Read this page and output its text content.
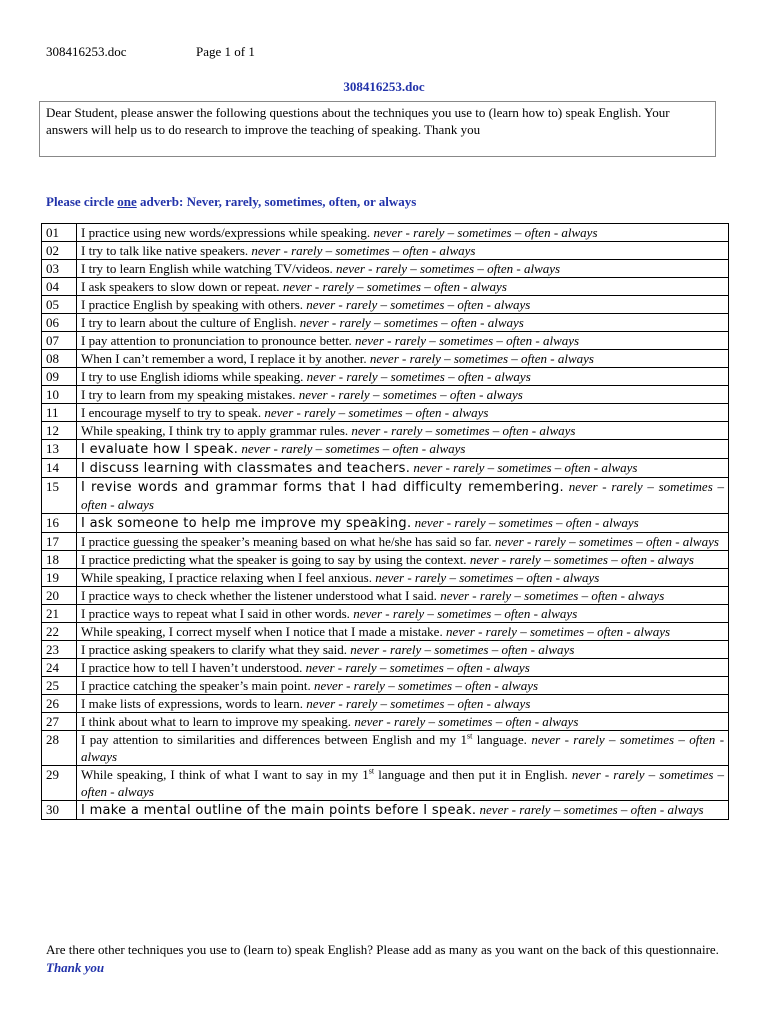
308416253.doc	Page 1 of 1
308416253.doc
Dear Student, please answer the following questions about the techniques you use to (learn how to) speak English. Your answers will help us to do research to improve the teaching of speaking. Thank you
Please circle one adverb: Never, rarely, sometimes, often, or always
01	I practice using new words/expressions while speaking. never - rarely – sometimes – often - always
02	I try to talk like native speakers. never - rarely – sometimes – often - always
03	I try to learn English while watching TV/videos. never - rarely – sometimes – often - always
04	I ask speakers to slow down or repeat. never - rarely – sometimes – often - always
05	I practice English by speaking with others. never - rarely – sometimes – often - always
06	I try to learn about the culture of English. never - rarely – sometimes – often - always
07	I pay attention to pronunciation to pronounce better. never - rarely – sometimes – often - always
08	When I can’t remember a word, I replace it by another. never - rarely – sometimes – often - always
09	I try to use English idioms while speaking. never - rarely – sometimes – often - always
10	I try to learn from my speaking mistakes. never - rarely – sometimes – often - always
11	I encourage myself to try to speak. never - rarely – sometimes – often - always
12	While speaking, I think try to apply grammar rules. never - rarely – sometimes – often - always
13	I evaluate how I speak. never - rarely – sometimes – often - always
14	I discuss learning with classmates and teachers. never - rarely – sometimes – often - always
15	I revise words and grammar forms that I had difficulty remembering. never - rarely – sometimes – often - always
16	I ask someone to help me improve my speaking. never - rarely – sometimes – often - always
17	I practice guessing the speaker’s meaning based on what he/she has said so far. never - rarely – sometimes – often - always
18	I practice predicting what the speaker is going to say by using the context. never - rarely – sometimes – often - always
19	While speaking, I practice relaxing when I feel anxious. never - rarely – sometimes – often - always
20	I practice ways to check whether the listener understood what I said. never - rarely – sometimes – often - always
21	I practice ways to repeat what I said in other words. never - rarely – sometimes – often - always
22	While speaking, I correct myself when I notice that I made a mistake. never - rarely – sometimes – often - always
23	I practice asking speakers to clarify what they said. never - rarely – sometimes – often - always
24	I practice how to tell I haven’t understood. never - rarely – sometimes – often - always
25	I practice catching the speaker’s main point. never - rarely – sometimes – often - always
26	I make lists of expressions, words to learn. never - rarely – sometimes – often - always
27	I think about what to learn to improve my speaking. never - rarely – sometimes – often - always
28	I pay attention to similarities and differences between English and my 1st language. never - rarely – sometimes – often - always
29	While speaking, I think of what I want to say in my 1st language and then put it in English. never - rarely – sometimes – often - always
30	I make a mental outline of the main points before I speak. never - rarely – sometimes – often - always
Are there other techniques you use to (learn to) speak English? Please add as many as you want on the back of this questionnaire. Thank you
